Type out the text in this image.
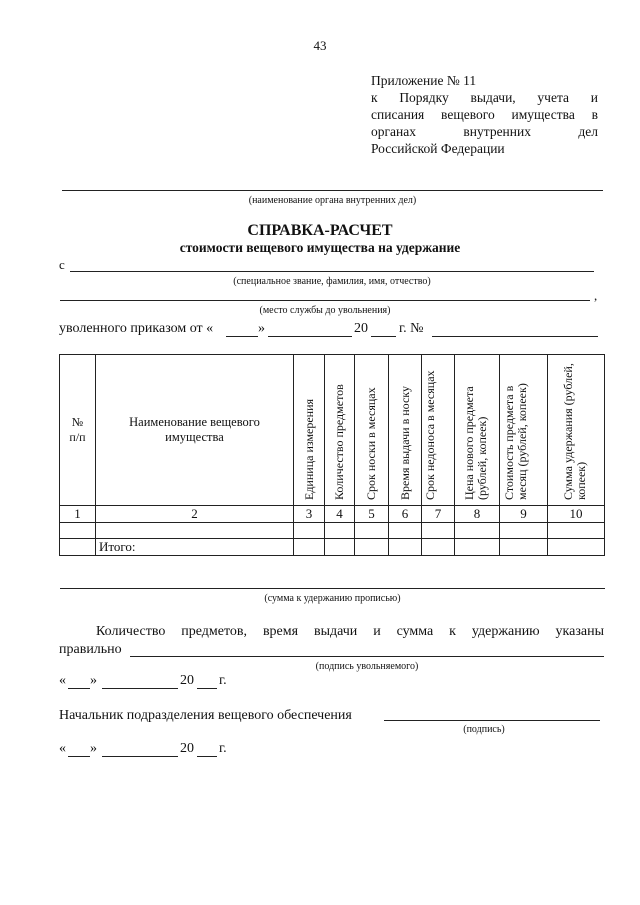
43
Приложение № 11
к Порядку выдачи, учета и
списания вещевого имущества в
органах внутренних дел
Российской Федерации
(наименование органа внутренних дел)
СПРАВКА-РАСЧЕТ
стоимости вещевого имущества на удержание
с
(специальное звание, фамилия, имя, отчество)
,
(место службы до увольнения)
уволенного приказом от «	»	20 г. №
№ п/п	Наименование вещевого имущества	Единица измерения	Количество предметов	Срок носки в месяцах	Время выдачи в носку	Срок недоноса в месяцах	Цена нового предмета (рублей, копеек)	Стоимость предмета в месяц (рублей, копеек)	Сумма удержания (рублей, копеек)
1	2	3	4	5	6	7	8	9	10

	Итого:								
(сумма к удержанию прописью)
Количество предметов, время выдачи и сумма к удержанию указаны
правильно
(подпись увольняемого)
« »	20 г.
Начальник подразделения вещевого обеспечения
(подпись)
« »	20 г.
